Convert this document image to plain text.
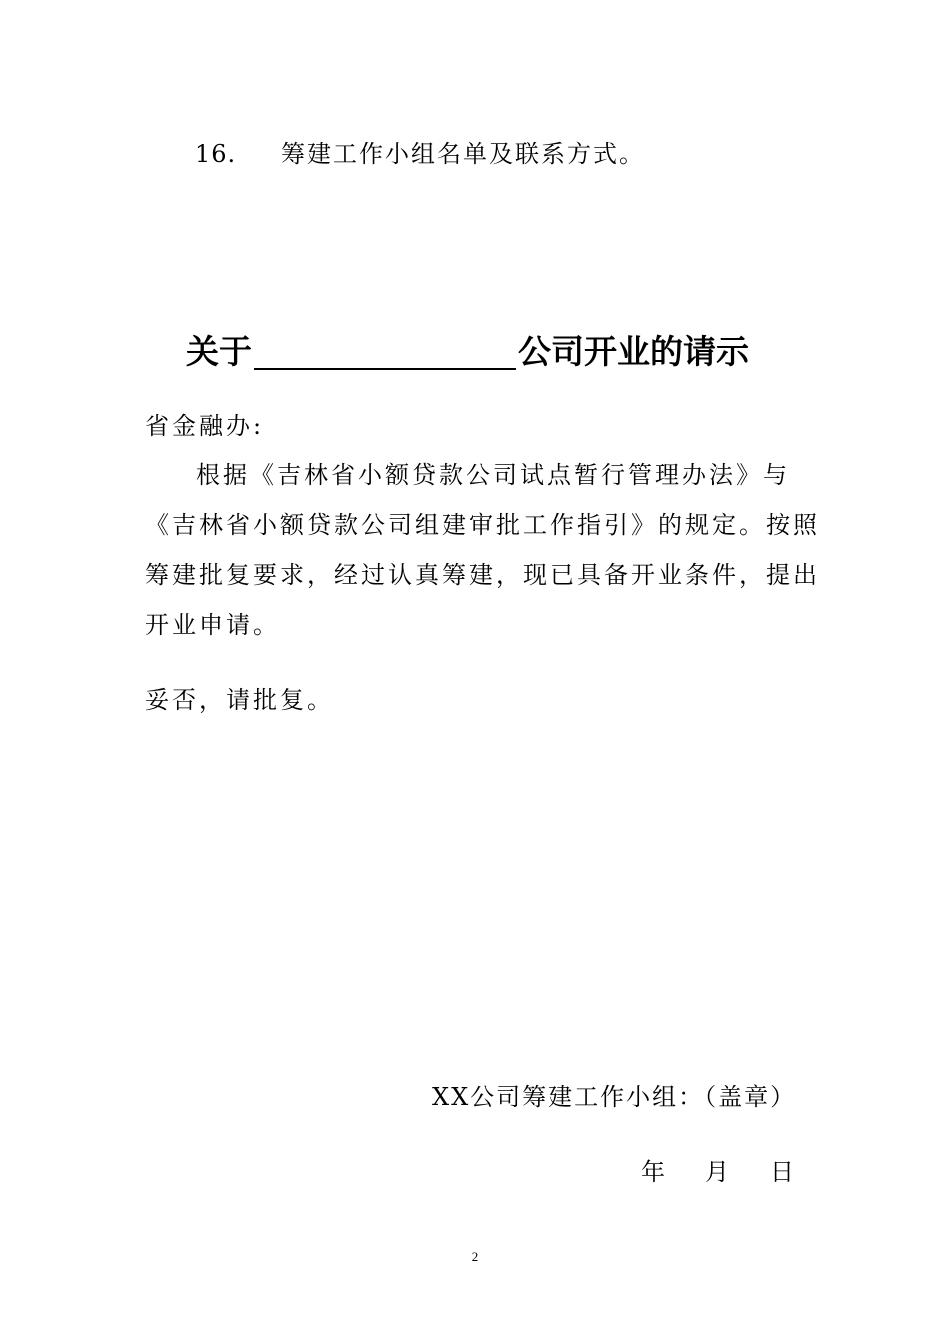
16. 筹建工作小组名单及联系方式。
关于	公司开业的请示
省金融办:
根据《吉林省小额贷款公司试点暂行管理办法》与
《吉林省小额贷款公司组建审批工作指引》的规定。按照
筹建批复要求，经过认真筹建，现已具备开业条件，提出
开业申请。
妥否，请批复。
XX公司筹建工作小组：（盖章）
年 月 日
2
